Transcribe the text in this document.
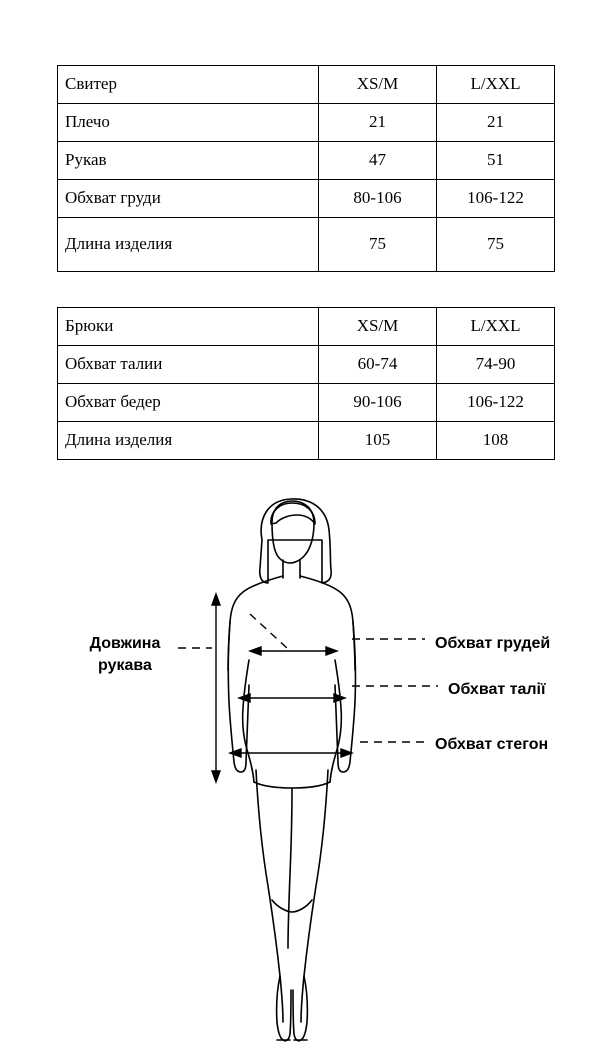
Свитер	XS/M	L/XXL
Плечо	21	21
Рукав	47	51
Обхват груди	80-106	106-122
Длина изделия	75	75
Брюки	XS/M	L/XXL
Обхват талии	60-74	74-90
Обхват бедер	90-106	106-122
Длина изделия	105	108
Довжина
рукава
Обхват грудей
Обхват талії
Обхват стегон
